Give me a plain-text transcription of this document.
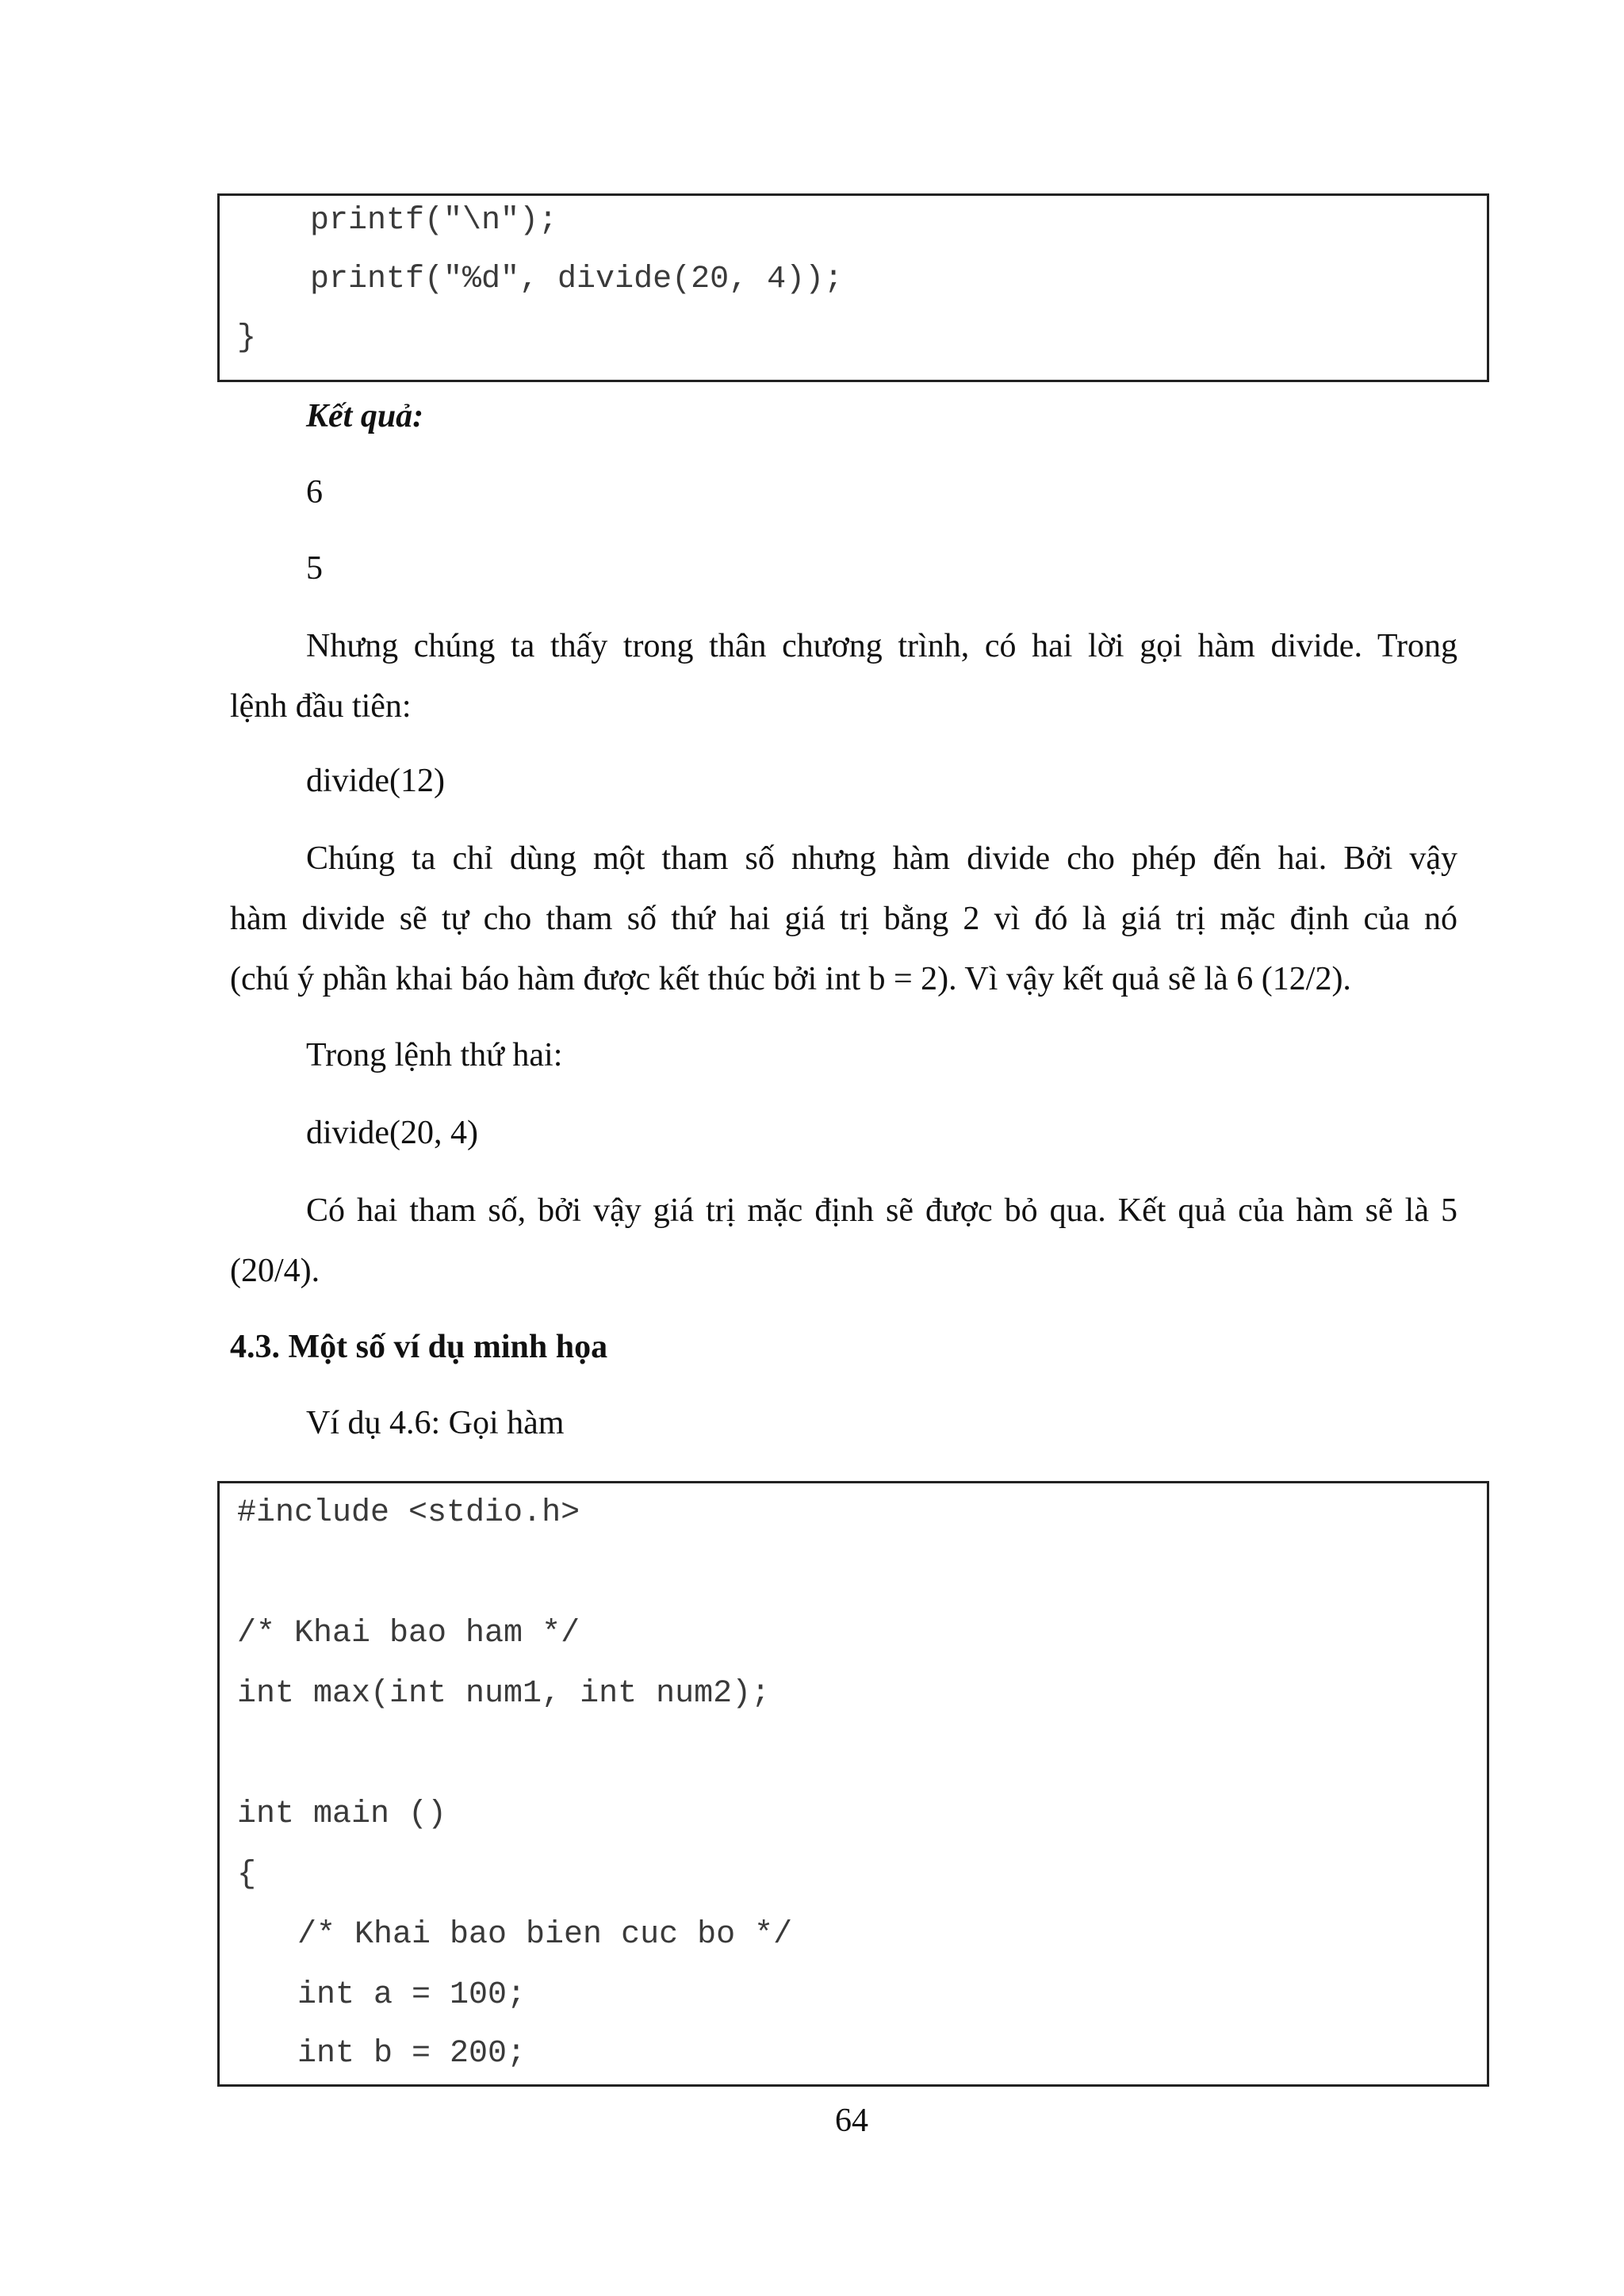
printf("\n");
printf("%d", divide(20, 4));
}
Kết quả:
6
5
Nhưng chúng ta thấy trong thân chương trình, có hai lời gọi hàm divide. Trong
lệnh đầu tiên:
divide(12)
Chúng ta chỉ dùng một tham số nhưng hàm divide cho phép đến hai. Bởi vậy
hàm divide sẽ tự cho tham số thứ hai giá trị bằng 2 vì đó là giá trị mặc định của nó
(chú ý phần khai báo hàm được kết thúc bởi int b = 2). Vì vậy kết quả sẽ là 6 (12/2).
Trong lệnh thứ hai:
divide(20, 4)
Có hai tham số, bởi vậy giá trị mặc định sẽ được bỏ qua. Kết quả của hàm sẽ là 5
(20/4).
4.3. Một số ví dụ minh họa
Ví dụ 4.6: Gọi hàm
#include <stdio.h>
/* Khai bao ham */
int max(int num1, int num2);
int main ()
{
/* Khai bao bien cuc bo */
int a = 100;
int b = 200;
64
